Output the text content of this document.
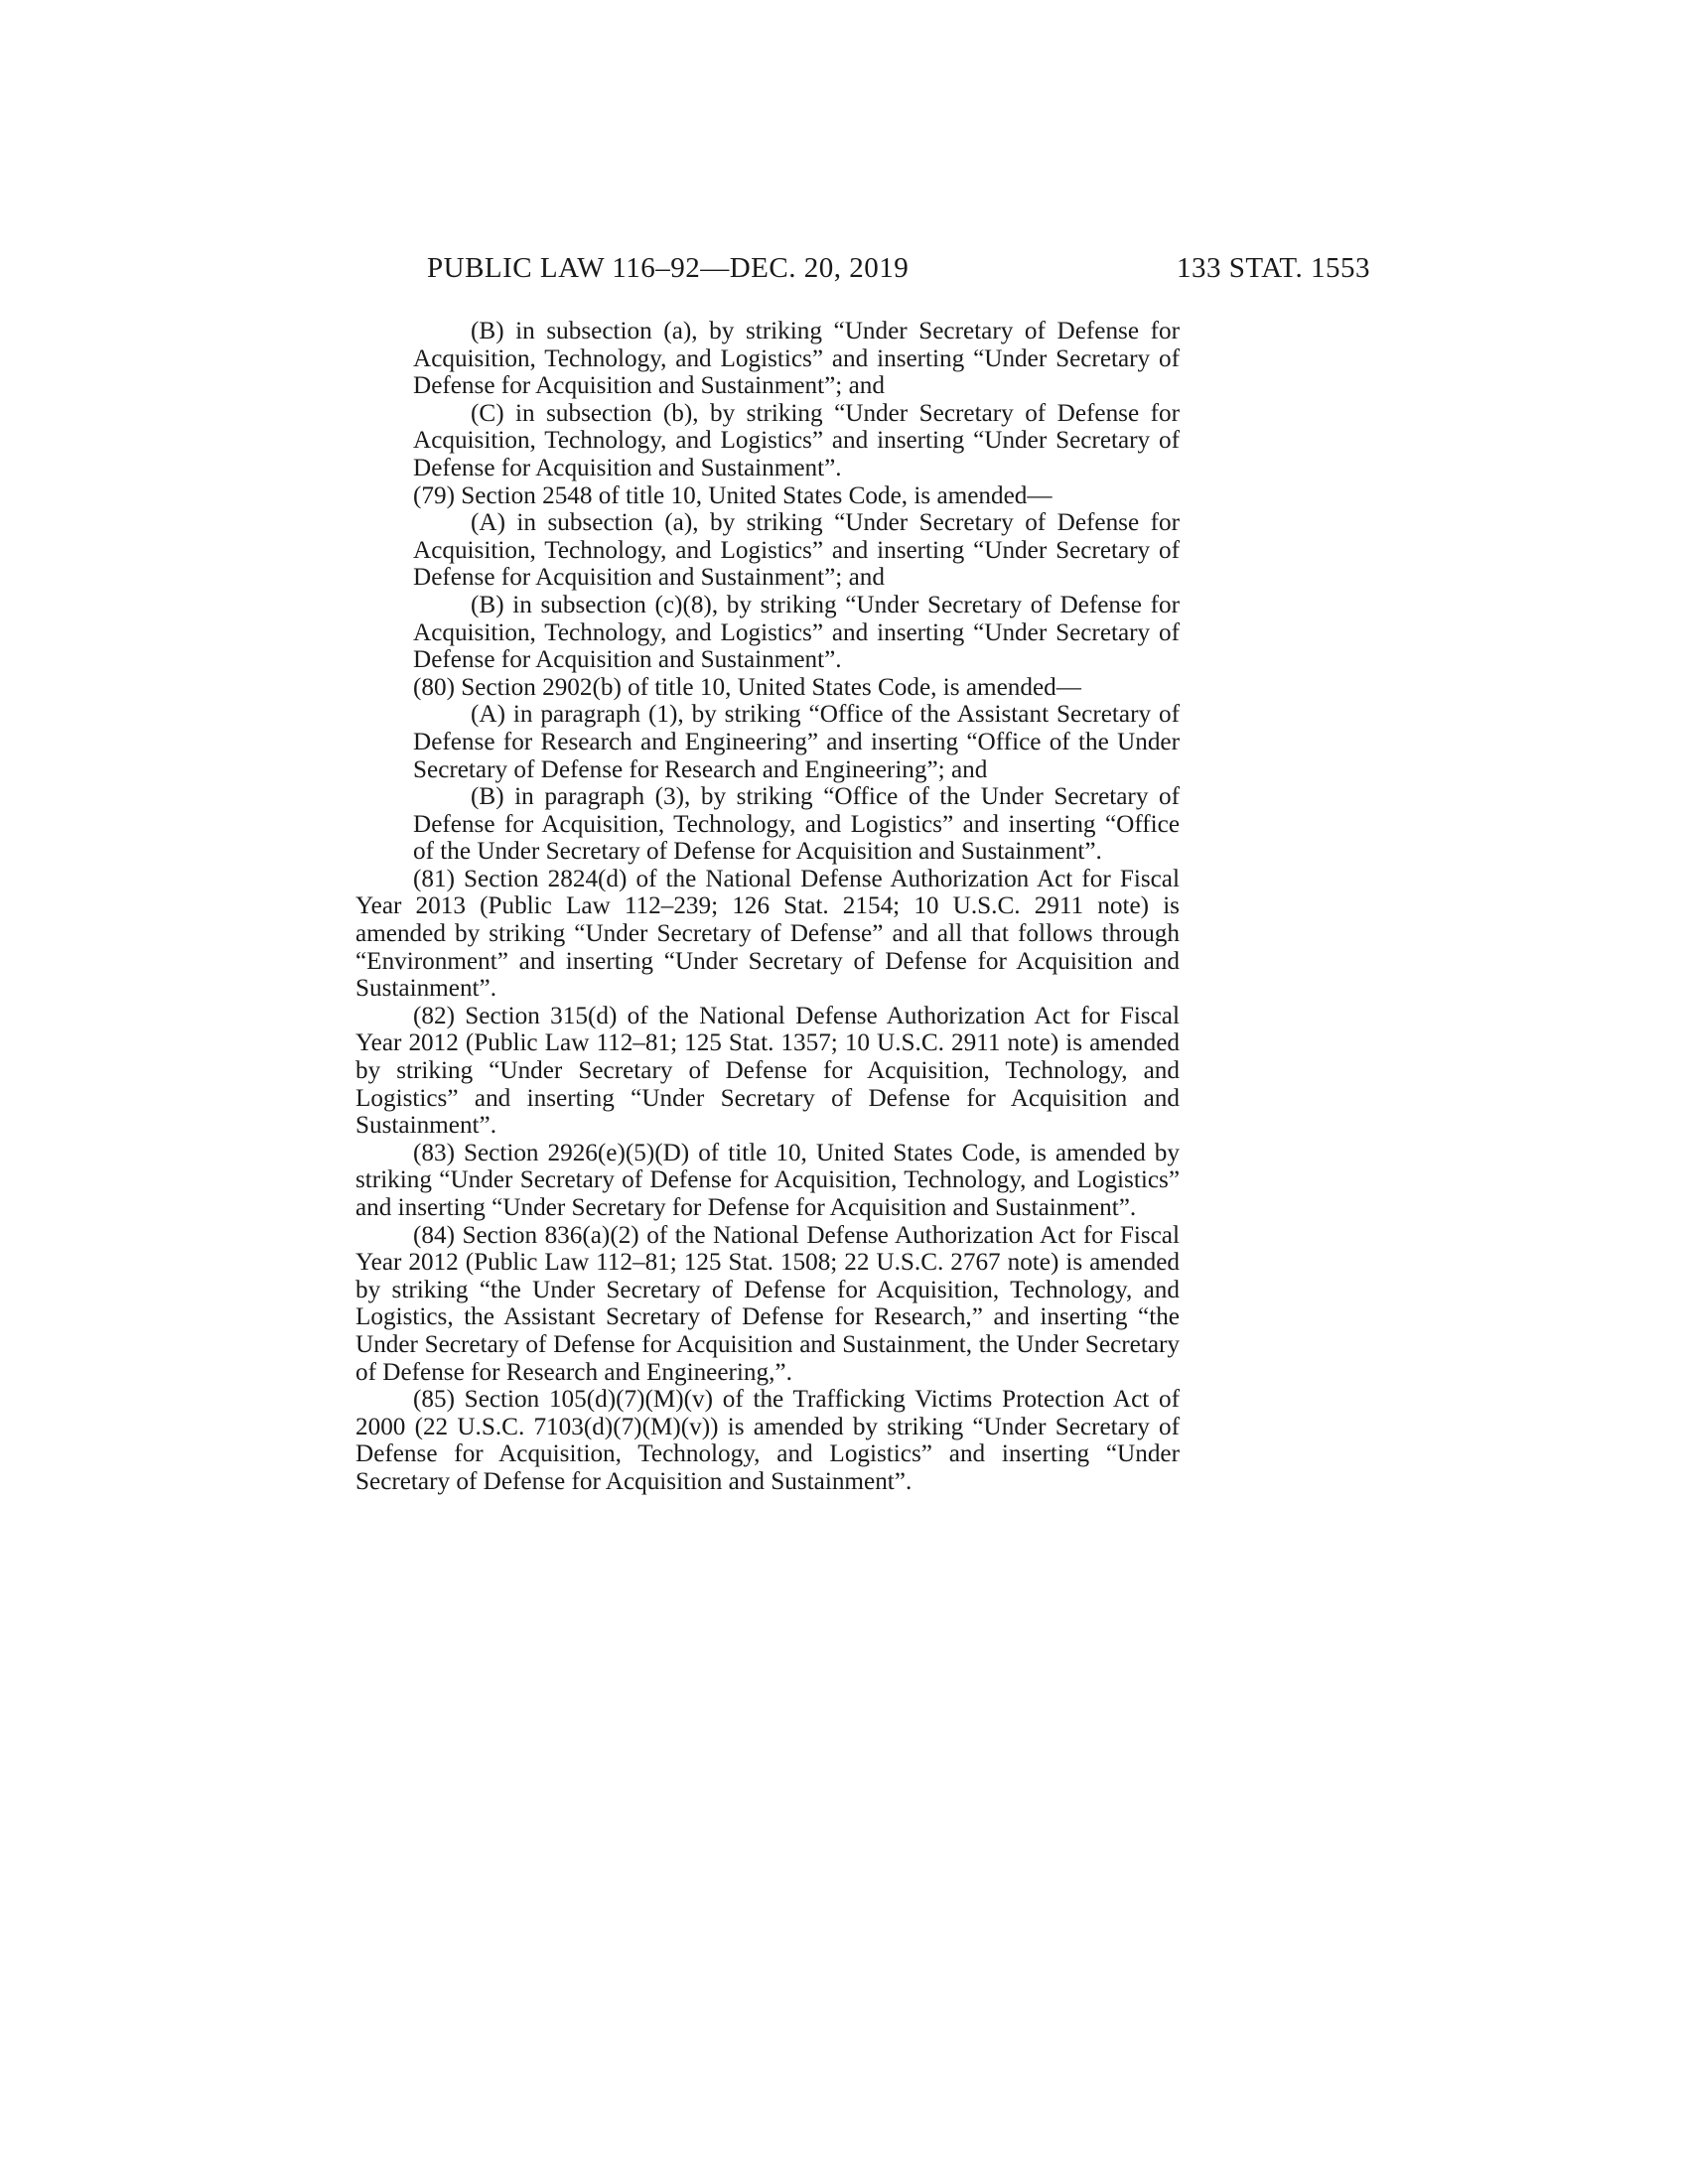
PUBLIC LAW 116–92—DEC. 20, 2019	133 STAT. 1553

(B) in subsection (a), by striking “Under Secretary of Defense for Acquisition, Technology, and Logistics” and inserting “Under Secretary of Defense for Acquisition and Sustainment”; and

(C) in subsection (b), by striking “Under Secretary of Defense for Acquisition, Technology, and Logistics” and inserting “Under Secretary of Defense for Acquisition and Sustainment”.

(79) Section 2548 of title 10, United States Code, is amended—

(A) in subsection (a), by striking “Under Secretary of Defense for Acquisition, Technology, and Logistics” and inserting “Under Secretary of Defense for Acquisition and Sustainment”; and

(B) in subsection (c)(8), by striking “Under Secretary of Defense for Acquisition, Technology, and Logistics” and inserting “Under Secretary of Defense for Acquisition and Sustainment”.

(80) Section 2902(b) of title 10, United States Code, is amended—

(A) in paragraph (1), by striking “Office of the Assistant Secretary of Defense for Research and Engineering” and inserting “Office of the Under Secretary of Defense for Research and Engineering”; and

(B) in paragraph (3), by striking “Office of the Under Secretary of Defense for Acquisition, Technology, and Logistics” and inserting “Office of the Under Secretary of Defense for Acquisition and Sustainment”.

(81) Section 2824(d) of the National Defense Authorization Act for Fiscal Year 2013 (Public Law 112–239; 126 Stat. 2154; 10 U.S.C. 2911 note) is amended by striking “Under Secretary of Defense” and all that follows through “Environment” and inserting “Under Secretary of Defense for Acquisition and Sustainment”.

(82) Section 315(d) of the National Defense Authorization Act for Fiscal Year 2012 (Public Law 112–81; 125 Stat. 1357; 10 U.S.C. 2911 note) is amended by striking “Under Secretary of Defense for Acquisition, Technology, and Logistics” and inserting “Under Secretary of Defense for Acquisition and Sustainment”.

(83) Section 2926(e)(5)(D) of title 10, United States Code, is amended by striking “Under Secretary of Defense for Acquisition, Technology, and Logistics” and inserting “Under Secretary for Defense for Acquisition and Sustainment”.

(84) Section 836(a)(2) of the National Defense Authorization Act for Fiscal Year 2012 (Public Law 112–81; 125 Stat. 1508; 22 U.S.C. 2767 note) is amended by striking “the Under Secretary of Defense for Acquisition, Technology, and Logistics, the Assistant Secretary of Defense for Research,” and inserting “the Under Secretary of Defense for Acquisition and Sustainment, the Under Secretary of Defense for Research and Engineering,”.

(85) Section 105(d)(7)(M)(v) of the Trafficking Victims Protection Act of 2000 (22 U.S.C. 7103(d)(7)(M)(v)) is amended by striking “Under Secretary of Defense for Acquisition, Technology, and Logistics” and inserting “Under Secretary of Defense for Acquisition and Sustainment”.
